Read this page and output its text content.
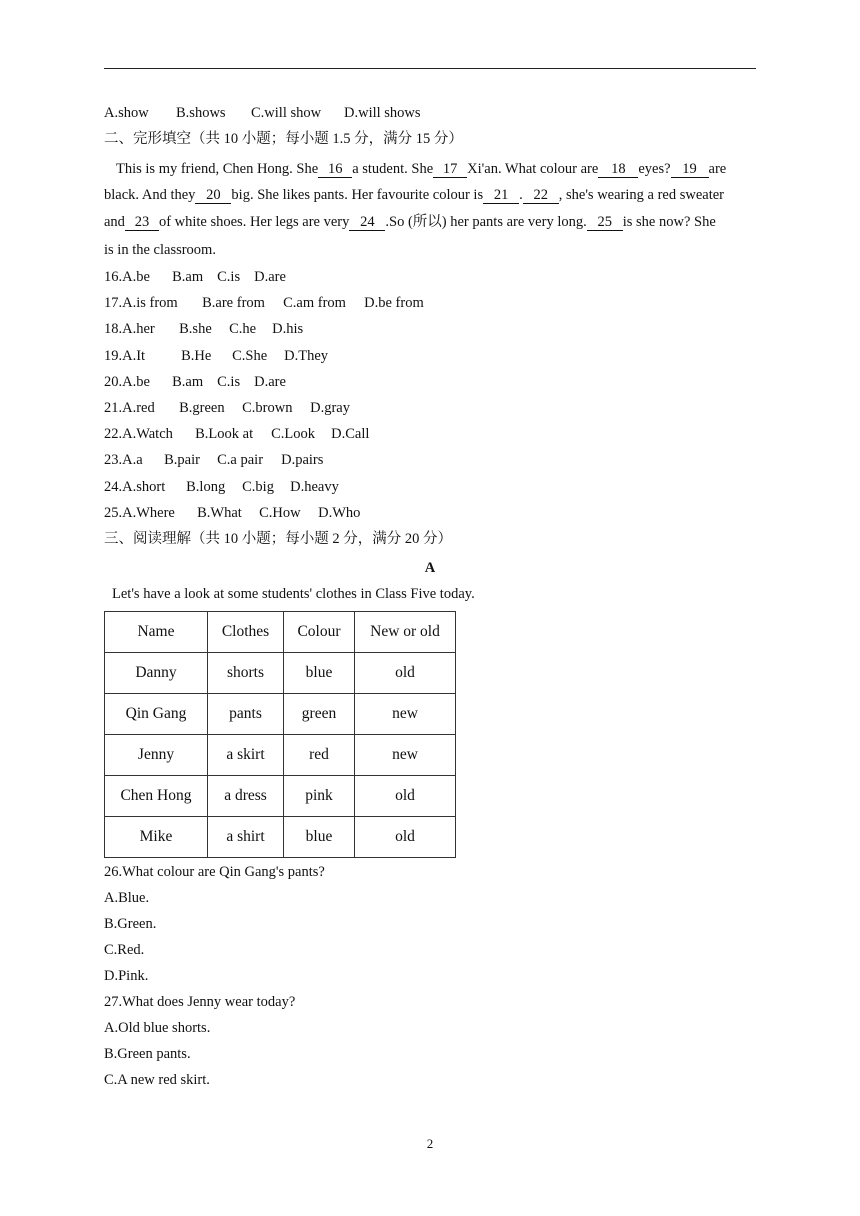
A.show B.shows C.will show D.will shows
二、完形填空（共 10 小题；每小题 1.5 分，满分 15 分）
This is my friend, Chen Hong. She 16 a student. She 17 Xi'an. What colour are 18 eyes? 19 are
black. And they 20 big. She likes pants. Her favourite colour is 21 . 22 , she's wearing a red sweater
and 23 of white shoes. Her legs are very 24 .So (所以) her pants are very long. 25 is she now? She
is in the classroom.
16.A.be B.am C.is D.are
17.A.is from B.are from C.am from D.be from
18.A.her B.she C.he D.his
19.A.It B.He C.She D.They
20.A.be B.am C.is D.are
21.A.red B.green C.brown D.gray
22.A.Watch B.Look at C.Look D.Call
23.A.a B.pair C.a pair D.pairs
24.A.short B.long C.big D.heavy
25.A.Where B.What C.How D.Who
三、阅读理解（共 10 小题；每小题 2 分，满分 20 分）
A
Let's have a look at some students' clothes in Class Five today.
Name	Clothes	Colour	New or old
Danny	shorts	blue	old
Qin Gang	pants	green	new
Jenny	a skirt	red	new
Chen Hong	a dress	pink	old
Mike	a shirt	blue	old
26.What colour are Qin Gang's pants?
A.Blue.
B.Green.
C.Red.
D.Pink.
27.What does Jenny wear today?
A.Old blue shorts.
B.Green pants.
C.A new red skirt.
2
